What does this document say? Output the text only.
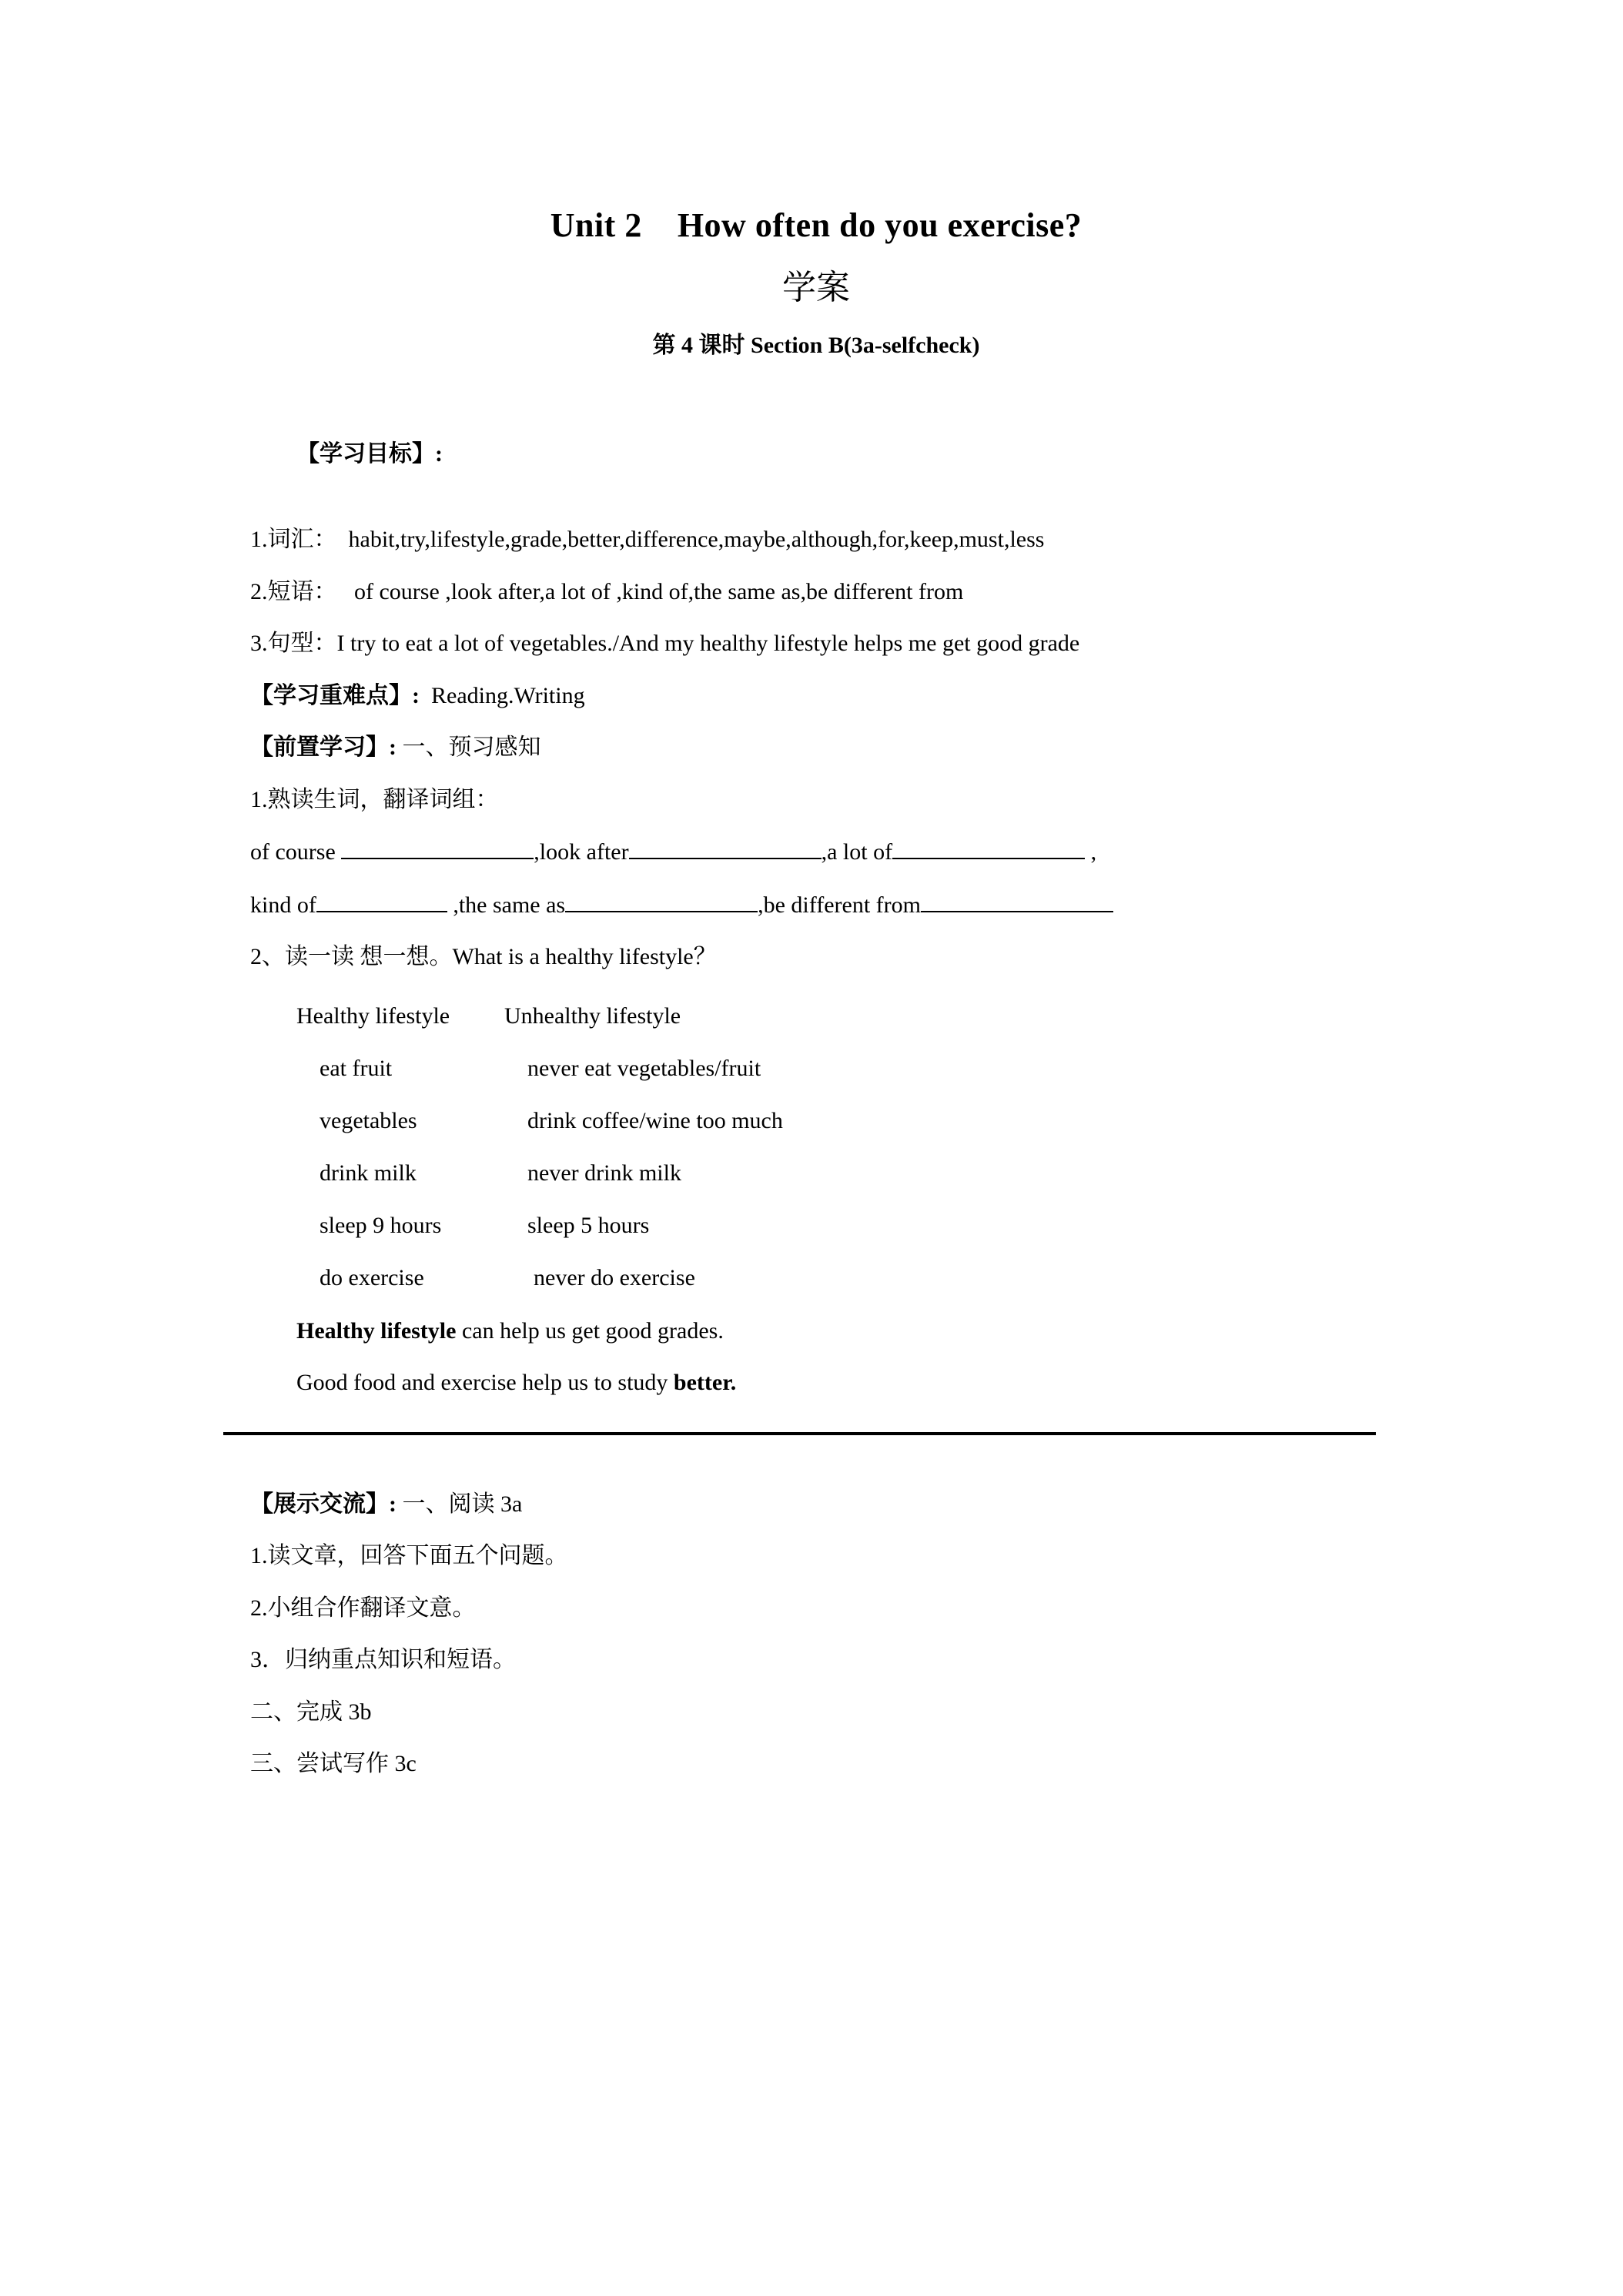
Unit 2    How often do you exercise?
学案
第 4 课时 Section B(3a-selfcheck)

【学习目标】:

1.词汇：  habit,try,lifestyle,grade,better,difference,maybe,although,for,keep,must,less

2.短语：   of course ,look after,a lot of ,kind of,the same as,be different from

3.句型：I try to eat a lot of vegetables./And my healthy lifestyle helps me get good grade

【学习重难点】:  Reading.Writing

【前置学习】: 一、预习感知

1.熟读生词，翻译词组：

of course	,look after	,a lot of	,

kind of	,the same as	,be different from

2、读一读 想一想。What is a healthy lifestyle？

Healthy lifestyle	Unhealthy lifestyle
eat fruit	never eat vegetables/fruit
vegetables	drink coffee/wine too much
drink milk	never drink milk
sleep 9 hours	sleep 5 hours
do exercise	never do exercise
Healthy lifestyle can help us get good grades.
Good food and exercise help us to study better.

【展示交流】: 一、阅读 3a

1.读文章，回答下面五个问题。

2.小组合作翻译文意。

3．归纳重点知识和短语。

二、完成 3b

三、尝试写作 3c
